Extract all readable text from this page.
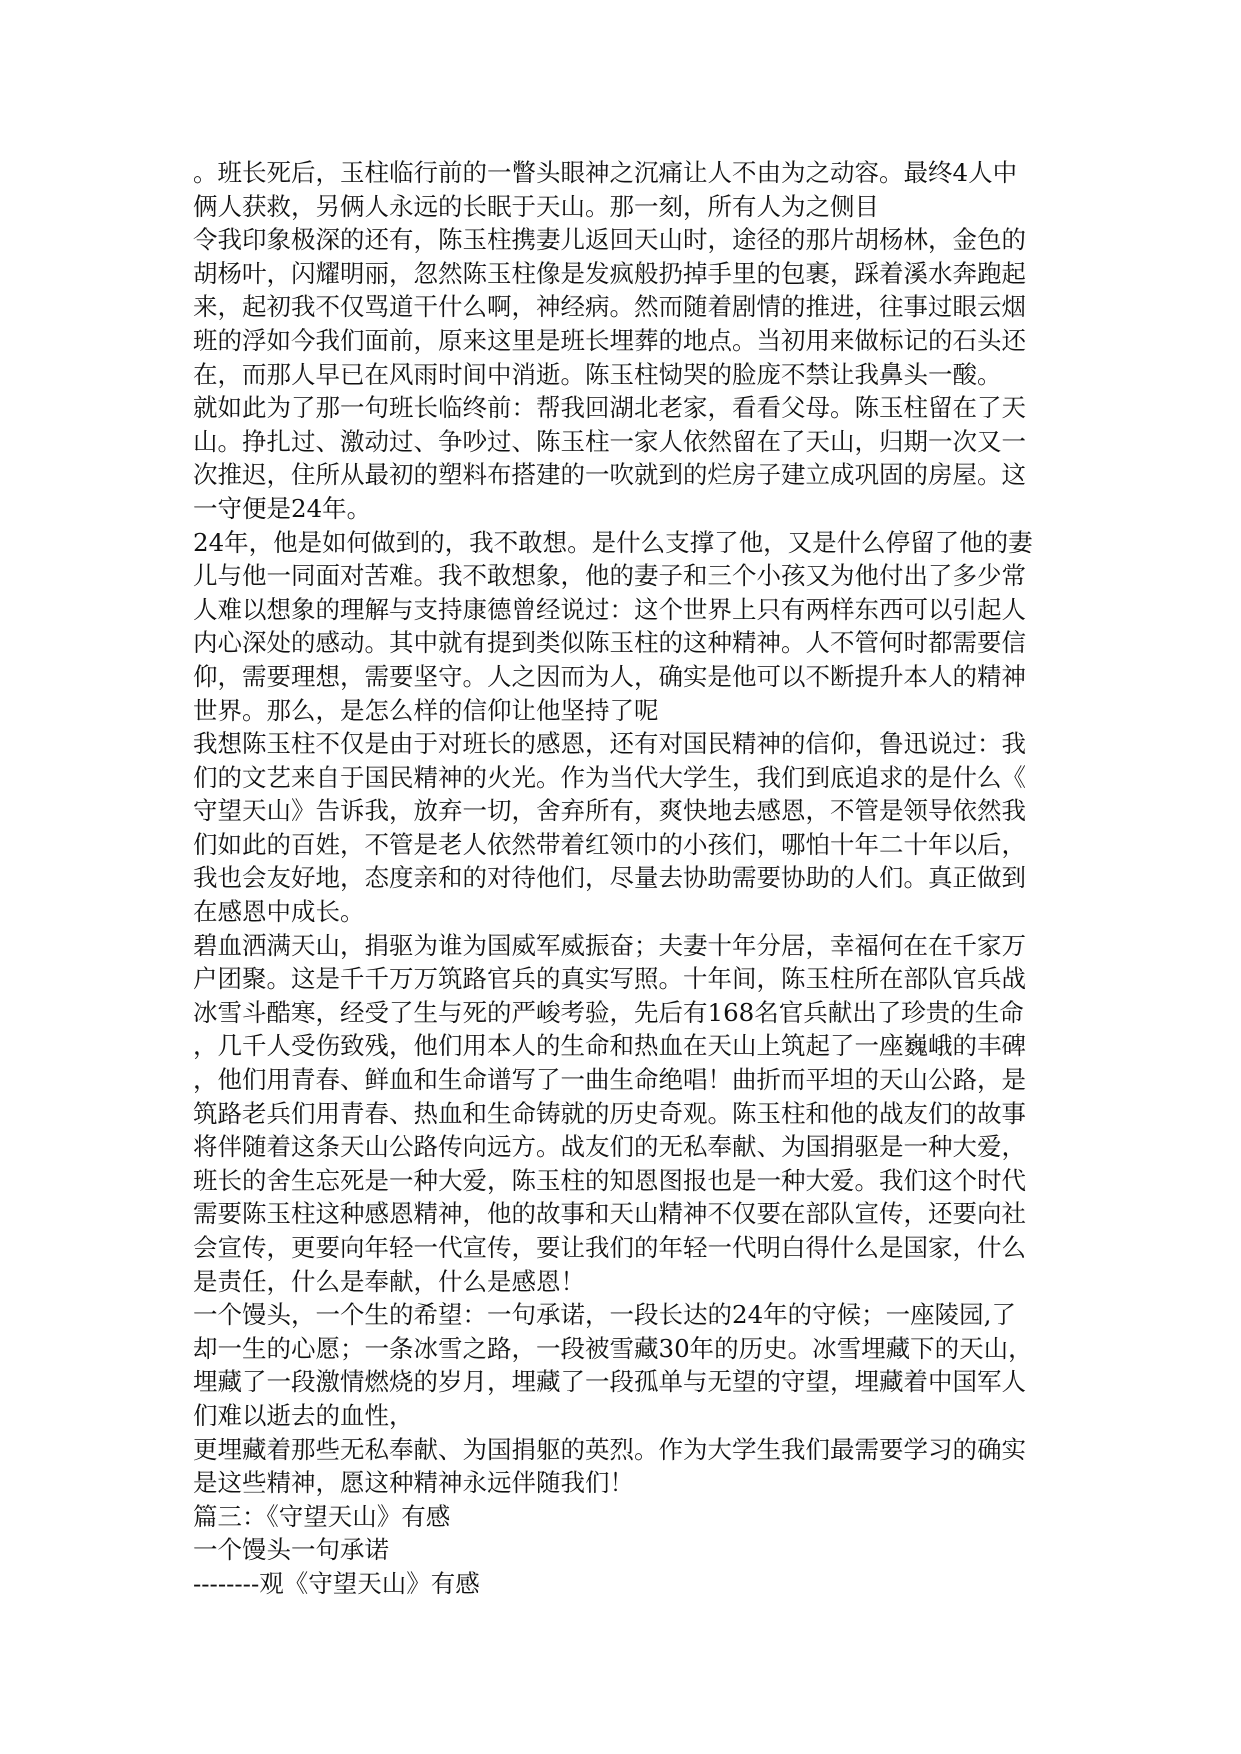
。班长死后，玉柱临行前的一瞥头眼神之沉痛让人不由为之动容。最终4人中
俩人获救，另俩人永远的长眠于天山。那一刻，所有人为之侧目
令我印象极深的还有，陈玉柱携妻儿返回天山时，途径的那片胡杨林，金色的
胡杨叶，闪耀明丽，忽然陈玉柱像是发疯般扔掉手里的包裹，踩着溪水奔跑起
来，起初我不仅骂道干什么啊，神经病。然而随着剧情的推进，往事过眼云烟
班的浮如今我们面前，原来这里是班长埋葬的地点。当初用来做标记的石头还
在，而那人早已在风雨时间中消逝。陈玉柱恸哭的脸庞不禁让我鼻头一酸。
就如此为了那一句班长临终前：帮我回湖北老家，看看父母。陈玉柱留在了天
山。挣扎过、激动过、争吵过、陈玉柱一家人依然留在了天山，归期一次又一
次推迟，住所从最初的塑料布搭建的一吹就到的烂房子建立成巩固的房屋。这
一守便是24年。
24年，他是如何做到的，我不敢想。是什么支撑了他，又是什么停留了他的妻
儿与他一同面对苦难。我不敢想象，他的妻子和三个小孩又为他付出了多少常
人难以想象的理解与支持康德曾经说过：这个世界上只有两样东西可以引起人
内心深处的感动。其中就有提到类似陈玉柱的这种精神。人不管何时都需要信
仰，需要理想，需要坚守。人之因而为人，确实是他可以不断提升本人的精神
世界。那么，是怎么样的信仰让他坚持了呢
我想陈玉柱不仅是由于对班长的感恩，还有对国民精神的信仰，鲁迅说过：我
们的文艺来自于国民精神的火光。作为当代大学生，我们到底追求的是什么《
守望天山》告诉我，放弃一切，舍弃所有，爽快地去感恩，不管是领导依然我
们如此的百姓，不管是老人依然带着红领巾的小孩们，哪怕十年二十年以后，
我也会友好地，态度亲和的对待他们，尽量去协助需要协助的人们。真正做到
在感恩中成长。
碧血洒满天山，捐驱为谁为国威军威振奋；夫妻十年分居，幸福何在在千家万
户团聚。这是千千万万筑路官兵的真实写照。十年间，陈玉柱所在部队官兵战
冰雪斗酷寒，经受了生与死的严峻考验，先后有168名官兵献出了珍贵的生命
，几千人受伤致残，他们用本人的生命和热血在天山上筑起了一座巍峨的丰碑
，他们用青春、鲜血和生命谱写了一曲生命绝唱！曲折而平坦的天山公路，是
筑路老兵们用青春、热血和生命铸就的历史奇观。陈玉柱和他的战友们的故事
将伴随着这条天山公路传向远方。战友们的无私奉献、为国捐驱是一种大爱，
班长的舍生忘死是一种大爱，陈玉柱的知恩图报也是一种大爱。我们这个时代
需要陈玉柱这种感恩精神，他的故事和天山精神不仅要在部队宣传，还要向社
会宣传，更要向年轻一代宣传，要让我们的年轻一代明白得什么是国家，什么
是责任，什么是奉献，什么是感恩！
一个馒头，一个生的希望：一句承诺，一段长达的24年的守候；一座陵园,了
却一生的心愿；一条冰雪之路，一段被雪藏30年的历史。冰雪埋藏下的天山，
埋藏了一段激情燃烧的岁月，埋藏了一段孤单与无望的守望，埋藏着中国军人
们难以逝去的血性，
更埋藏着那些无私奉献、为国捐躯的英烈。作为大学生我们最需要学习的确实
是这些精神，愿这种精神永远伴随我们！
篇三：《守望天山》有感
一个馒头一句承诺
--------观《守望天山》有感
